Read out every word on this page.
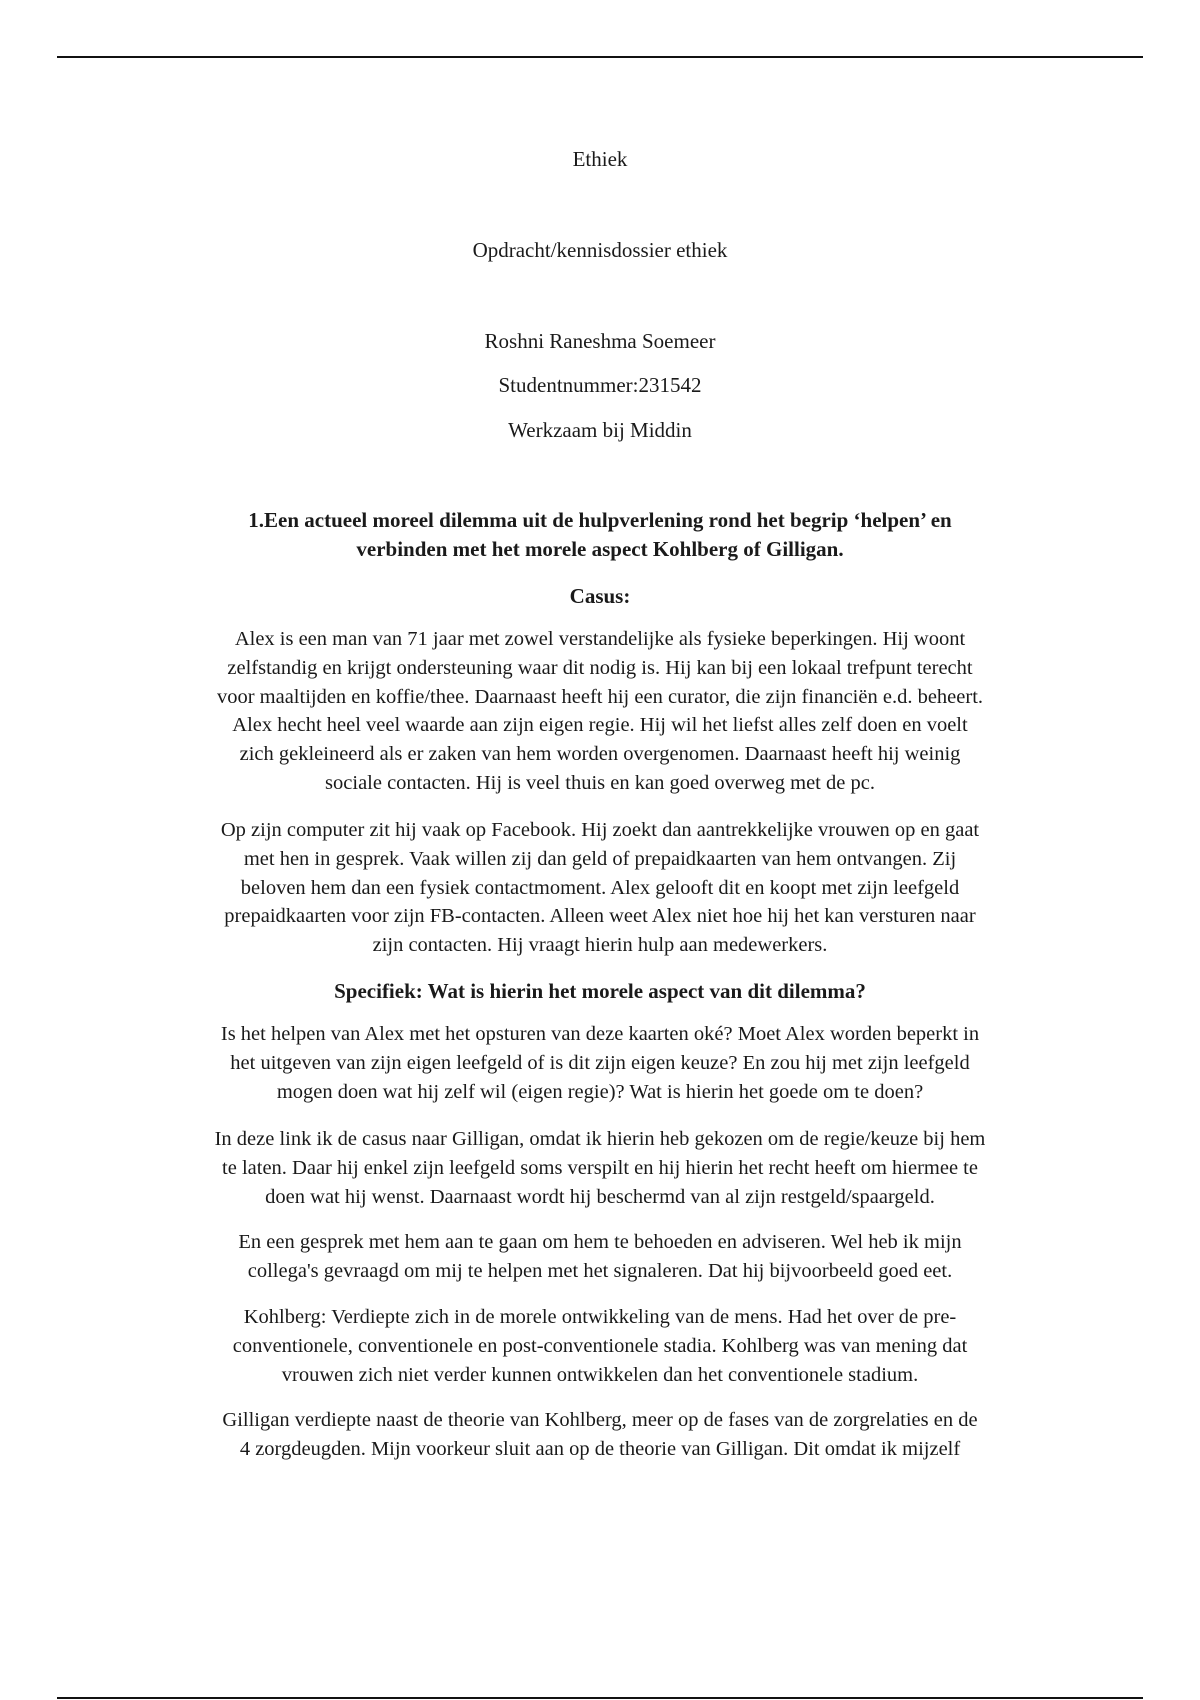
Ethiek
Opdracht/kennisdossier ethiek
Roshni Raneshma Soemeer
Studentnummer:231542
Werkzaam bij Middin
1.Een actueel moreel dilemma uit de hulpverlening rond het begrip ‘helpen’ en
verbinden met het morele aspect Kohlberg of Gilligan.
Casus:
Alex is een man van 71 jaar met zowel verstandelijke als fysieke beperkingen. Hij woont
zelfstandig en krijgt ondersteuning waar dit nodig is. Hij kan bij een lokaal trefpunt terecht
voor maaltijden en koffie/thee. Daarnaast heeft hij een curator, die zijn financiën e.d. beheert.
Alex hecht heel veel waarde aan zijn eigen regie. Hij wil het liefst alles zelf doen en voelt
zich gekleineerd als er zaken van hem worden overgenomen. Daarnaast heeft hij weinig
sociale contacten. Hij is veel thuis en kan goed overweg met de pc.
Op zijn computer zit hij vaak op Facebook. Hij zoekt dan aantrekkelijke vrouwen op en gaat
met hen in gesprek. Vaak willen zij dan geld of prepaidkaarten van hem ontvangen. Zij
beloven hem dan een fysiek contactmoment. Alex gelooft dit en koopt met zijn leefgeld
prepaidkaarten voor zijn FB-contacten. Alleen weet Alex niet hoe hij het kan versturen naar
zijn contacten. Hij vraagt hierin hulp aan medewerkers.
Specifiek: Wat is hierin het morele aspect van dit dilemma?
Is het helpen van Alex met het opsturen van deze kaarten oké? Moet Alex worden beperkt in
het uitgeven van zijn eigen leefgeld of is dit zijn eigen keuze? En zou hij met zijn leefgeld
mogen doen wat hij zelf wil (eigen regie)? Wat is hierin het goede om te doen?
In deze link ik de casus naar Gilligan, omdat ik hierin heb gekozen om de regie/keuze bij hem
te laten. Daar hij enkel zijn leefgeld soms verspilt en hij hierin het recht heeft om hiermee te
doen wat hij wenst. Daarnaast wordt hij beschermd van al zijn restgeld/spaargeld.
En een gesprek met hem aan te gaan om hem te behoeden en adviseren. Wel heb ik mijn
collega's gevraagd om mij te helpen met het signaleren. Dat hij bijvoorbeeld goed eet.
Kohlberg: Verdiepte zich in de morele ontwikkeling van de mens. Had het over de pre-
conventionele, conventionele en post-conventionele stadia. Kohlberg was van mening dat
vrouwen zich niet verder kunnen ontwikkelen dan het conventionele stadium.
Gilligan verdiepte naast de theorie van Kohlberg, meer op de fases van de zorgrelaties en de
4 zorgdeugden. Mijn voorkeur sluit aan op de theorie van Gilligan. Dit omdat ik mijzelf
